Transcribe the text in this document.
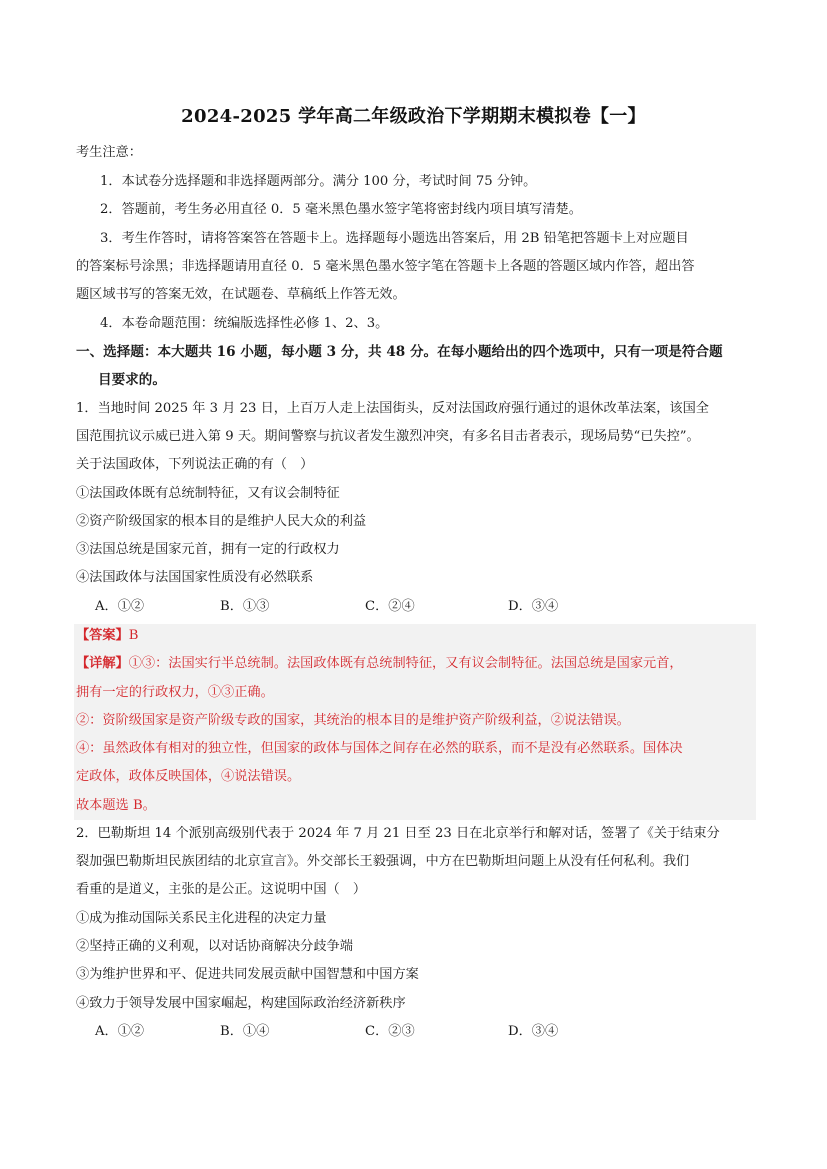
2024-2025 学年高二年级政治下学期期末模拟卷【一】
考生注意：
1．本试卷分选择题和非选择题两部分。满分 100 分，考试时间 75 分钟。
2．答题前，考生务必用直径 0．5 毫米黑色墨水签字笔将密封线内项目填写清楚。
3．考生作答时，请将答案答在答题卡上。选择题每小题选出答案后，用 2B 铅笔把答题卡上对应题目
的答案标号涂黑；非选择题请用直径 0．5 毫米黑色墨水签字笔在答题卡上各题的答题区域内作答，超出答
题区域书写的答案无效，在试题卷、草稿纸上作答无效。
4．本卷命题范围：统编版选择性必修 1、2、3。
一、选择题：本大题共 16 小题，每小题 3 分，共 48 分。在每小题给出的四个选项中，只有一项是符合题
目要求的。
1．当地时间 2025 年 3 月 23 日，上百万人走上法国街头，反对法国政府强行通过的退休改革法案，该国全
国范围抗议示威已进入第 9 天。期间警察与抗议者发生激烈冲突，有多名目击者表示，现场局势“已失控”。
关于法国政体，下列说法正确的有（　）
①法国政体既有总统制特征，又有议会制特征
②资产阶级国家的根本目的是维护人民大众的利益
③法国总统是国家元首，拥有一定的行政权力
④法国政体与法国国家性质没有必然联系
A．①②	B．①③	C．②④	D．③④
【答案】B
【详解】①③：法国实行半总统制。法国政体既有总统制特征，又有议会制特征。法国总统是国家元首，
拥有一定的行政权力，①③正确。
②：资阶级国家是资产阶级专政的国家，其统治的根本目的是维护资产阶级利益，②说法错误。
④：虽然政体有相对的独立性，但国家的政体与国体之间存在必然的联系，而不是没有必然联系。国体决
定政体，政体反映国体，④说法错误。
故本题选 B。
2．巴勒斯坦 14 个派别高级别代表于 2024 年 7 月 21 日至 23 日在北京举行和解对话，签署了《关于结束分
裂加强巴勒斯坦民族团结的北京宣言》。外交部长王毅强调，中方在巴勒斯坦问题上从没有任何私利。我们
看重的是道义，主张的是公正。这说明中国（　）
①成为推动国际关系民主化进程的决定力量
②坚持正确的义利观，以对话协商解决分歧争端
③为维护世界和平、促进共同发展贡献中国智慧和中国方案
④致力于领导发展中国家崛起，构建国际政治经济新秩序
A．①②	B．①④	C．②③	D．③④
